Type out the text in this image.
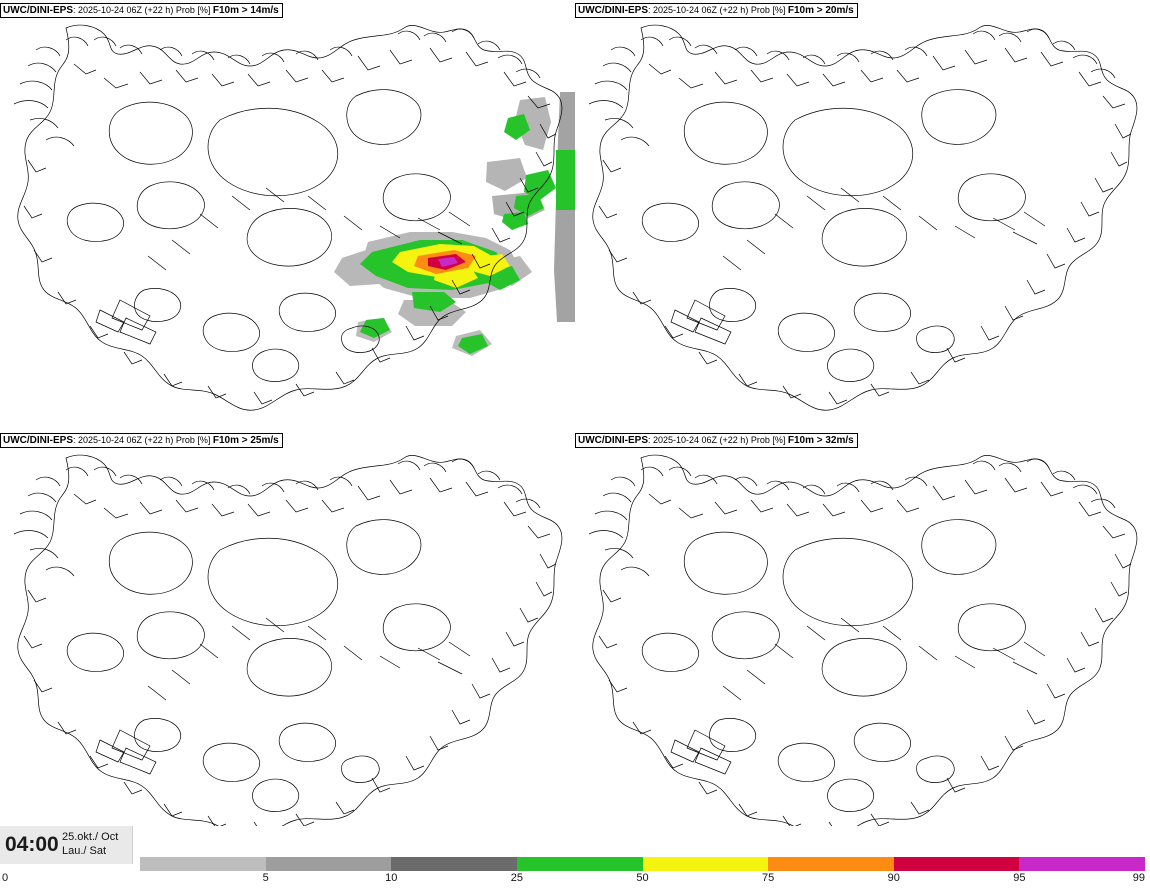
UWC/DINI-EPS: 2025-10-24 06Z (+22 h) Prob [%] F10m > 14m/s	UWC/DINI-EPS: 2025-10-24 06Z (+22 h) Prob [%] F10m > 20m/s
UWC/DINI-EPS: 2025-10-24 06Z (+22 h) Prob [%] F10m > 25m/s	UWC/DINI-EPS: 2025-10-24 06Z (+22 h) Prob [%] F10m > 32m/s
04:00 25.okt./ Oct
Lau./ Sat
0	5	10	25	50	75	90	95	99
